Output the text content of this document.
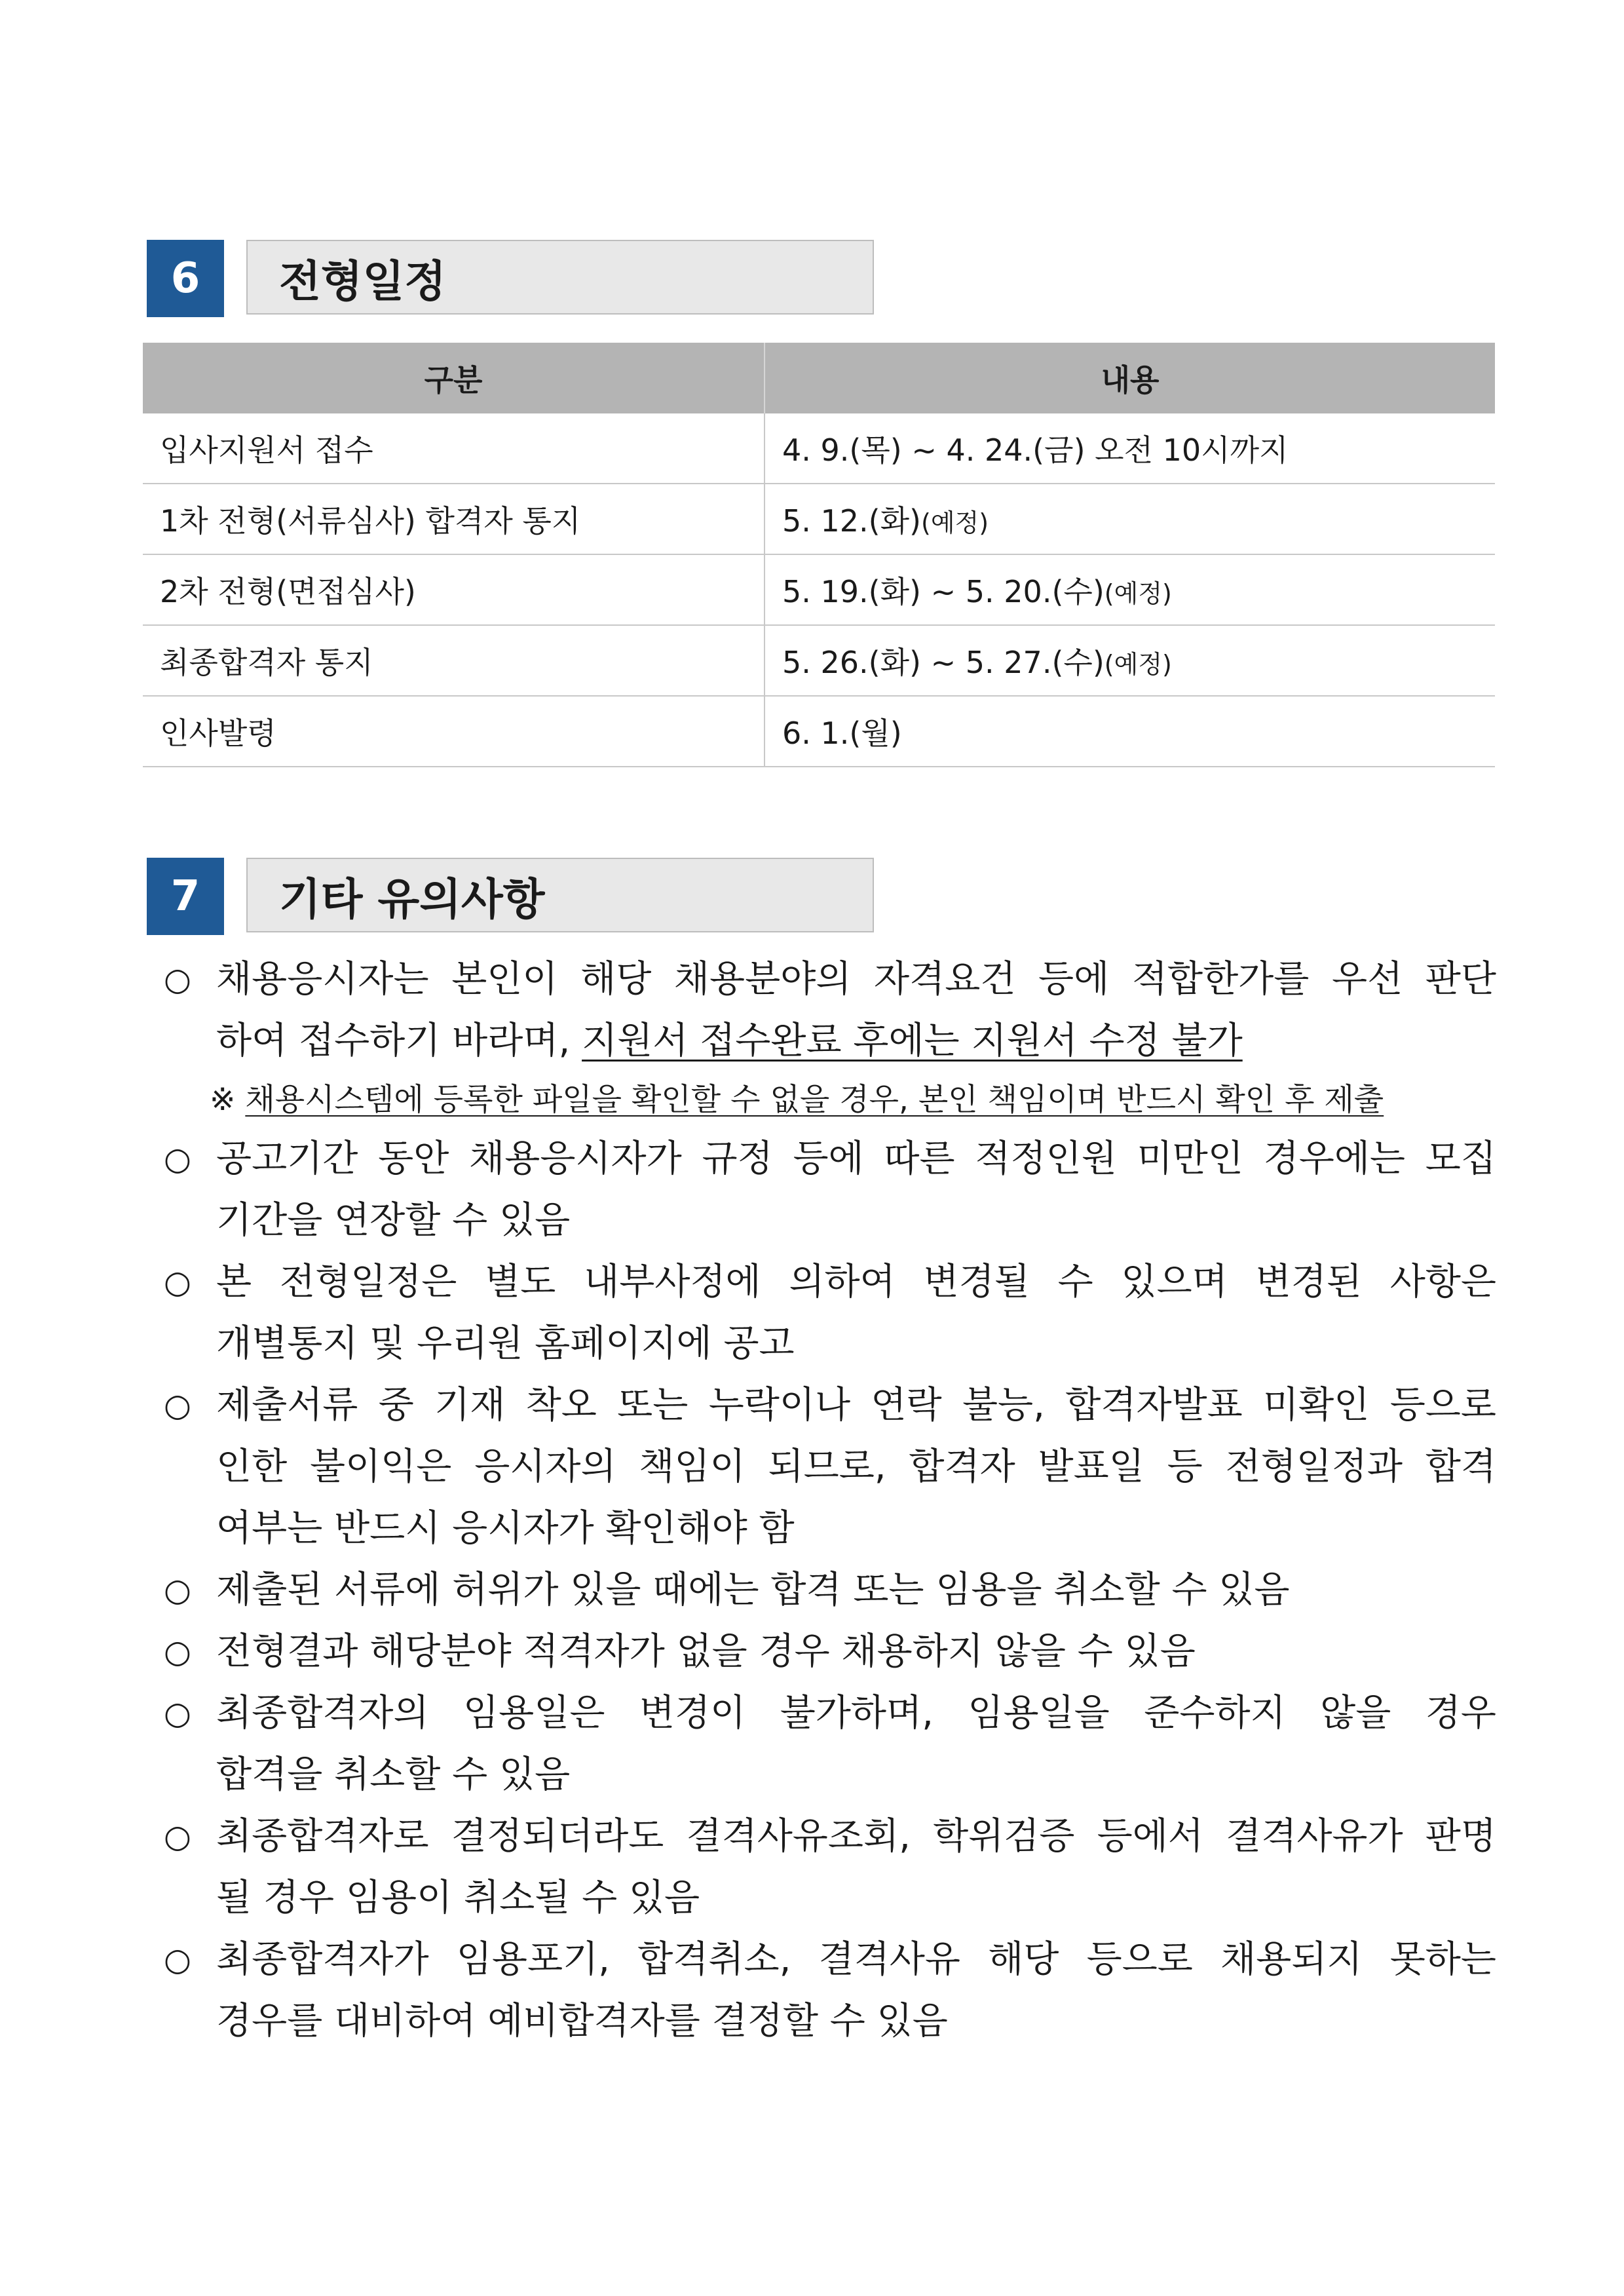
6	전형일정
구분	내용
입사지원서 접수	4. 9.(목) ~ 4. 24.(금) 오전 10시까지
1차 전형(서류심사) 합격자 통지	5. 12.(화)(예정)
2차 전형(면접심사)	5. 19.(화) ~ 5. 20.(수)(예정)
최종합격자 통지	5. 26.(화) ~ 5. 27.(수)(예정)
인사발령	6. 1.(월)
7	기타 유의사항
○ 채용응시자는 본인이 해당 채용분야의 자격요건 등에 적합한가를 우선 판단
하여 접수하기 바라며, 지원서 접수완료 후에는 지원서 수정 불가
※ 채용시스템에 등록한 파일을 확인할 수 없을 경우, 본인 책임이며 반드시 확인 후 제출
○ 공고기간 동안 채용응시자가 규정 등에 따른 적정인원 미만인 경우에는 모집
기간을 연장할 수 있음
○ 본 전형일정은 별도 내부사정에 의하여 변경될 수 있으며 변경된 사항은
개별통지 및 우리원 홈페이지에 공고
○ 제출서류 중 기재 착오 또는 누락이나 연락 불능, 합격자발표 미확인 등으로
인한 불이익은 응시자의 책임이 되므로, 합격자 발표일 등 전형일정과 합격
여부는 반드시 응시자가 확인해야 함
○ 제출된 서류에 허위가 있을 때에는 합격 또는 임용을 취소할 수 있음
○ 전형결과 해당분야 적격자가 없을 경우 채용하지 않을 수 있음
○ 최종합격자의 임용일은 변경이 불가하며, 임용일을 준수하지 않을 경우
합격을 취소할 수 있음
○ 최종합격자로 결정되더라도 결격사유조회, 학위검증 등에서 결격사유가 판명
될 경우 임용이 취소될 수 있음
○ 최종합격자가 임용포기, 합격취소, 결격사유 해당 등으로 채용되지 못하는
경우를 대비하여 예비합격자를 결정할 수 있음
